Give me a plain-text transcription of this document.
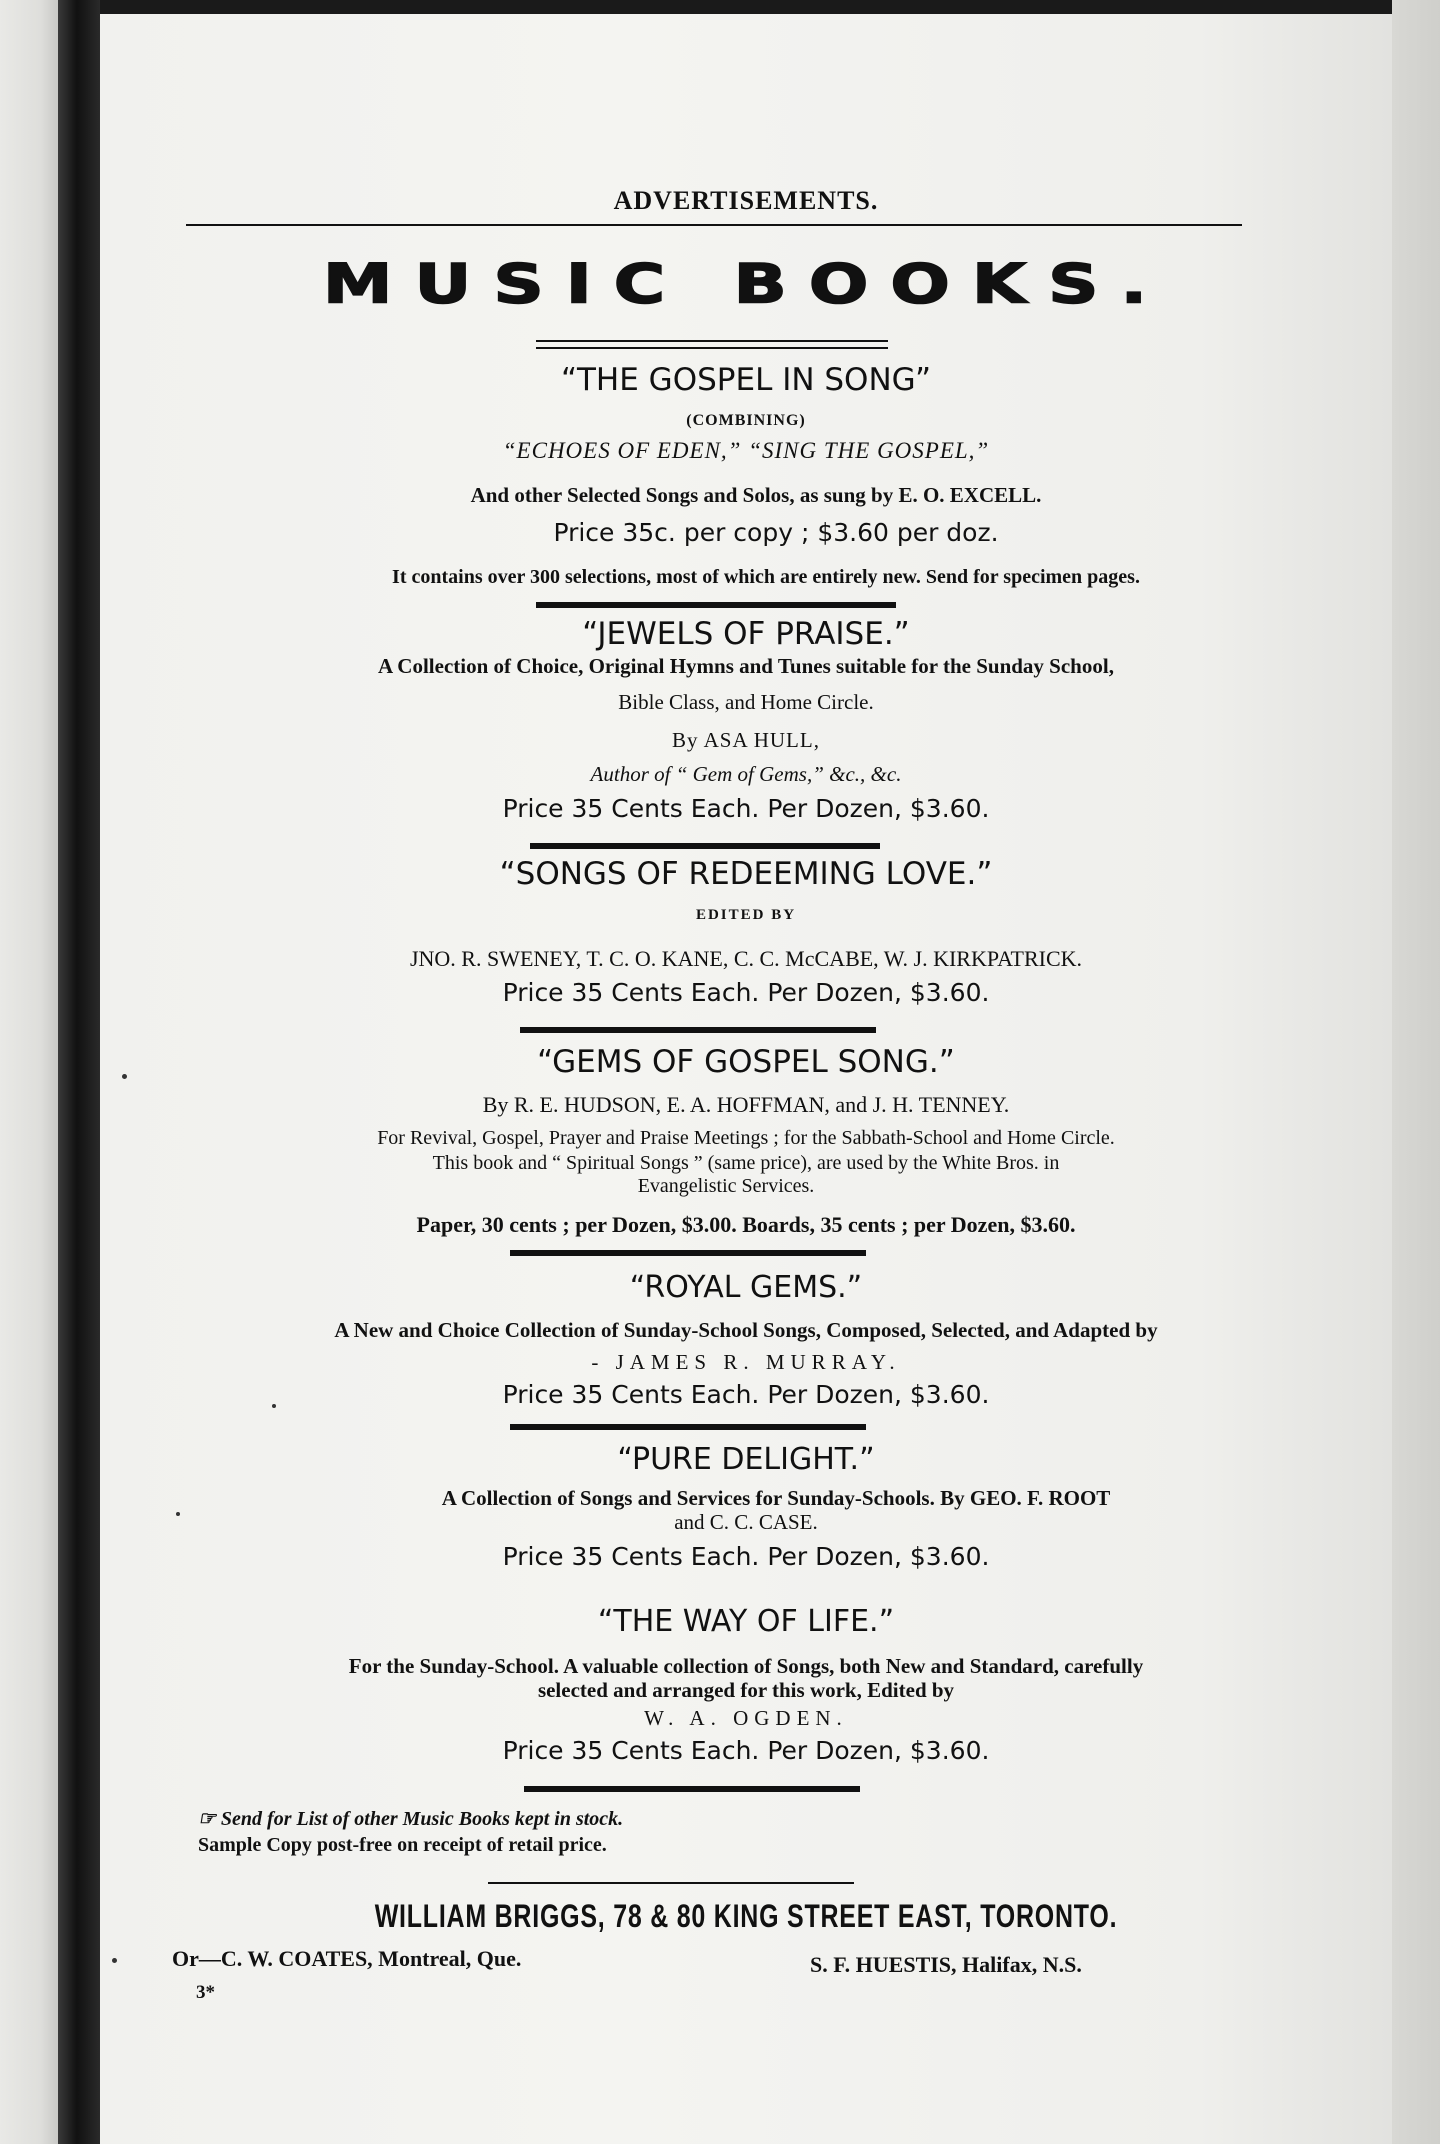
ADVERTISEMENTS.
MUSIC BOOKS.
“THE GOSPEL IN SONG”
(COMBINING)
“ECHOES OF EDEN,” “SING THE GOSPEL,”
And other Selected Songs and Solos, as sung by E. O. EXCELL.
Price 35c. per copy ; $3.60 per doz.
It contains over 300 selections, most of which are entirely new. Send for specimen pages.
“JEWELS OF PRAISE.”
A Collection of Choice, Original Hymns and Tunes suitable for the Sunday School,
Bible Class, and Home Circle.
By ASA HULL,
Author of “ Gem of Gems,” &c., &c.
Price 35 Cents Each. Per Dozen, $3.60.
“SONGS OF REDEEMING LOVE.”
EDITED BY
JNO. R. SWENEY, T. C. O. KANE, C. C. McCABE, W. J. KIRKPATRICK.
Price 35 Cents Each. Per Dozen, $3.60.
“GEMS OF GOSPEL SONG.”
By R. E. HUDSON, E. A. HOFFMAN, and J. H. TENNEY.
For Revival, Gospel, Prayer and Praise Meetings ; for the Sabbath-School and Home Circle.
This book and “ Spiritual Songs ” (same price), are used by the White Bros. in
Evangelistic Services.
Paper, 30 cents ; per Dozen, $3.00. Boards, 35 cents ; per Dozen, $3.60.
“ROYAL GEMS.”
A New and Choice Collection of Sunday-School Songs, Composed, Selected, and Adapted by
- JAMES R. MURRAY.
Price 35 Cents Each. Per Dozen, $3.60.
“PURE DELIGHT.”
A Collection of Songs and Services for Sunday-Schools. By GEO. F. ROOT
and C. C. CASE.
Price 35 Cents Each. Per Dozen, $3.60.
“THE WAY OF LIFE.”
For the Sunday-School. A valuable collection of Songs, both New and Standard, carefully
selected and arranged for this work, Edited by
W. A. OGDEN.
Price 35 Cents Each. Per Dozen, $3.60.
☞ Send for List of other Music Books kept in stock.
Sample Copy post-free on receipt of retail price.
WILLIAM BRIGGS, 78 & 80 KING STREET EAST, TORONTO.
Or—C. W. COATES, Montreal, Que.	S. F. HUESTIS, Halifax, N.S.
3*
